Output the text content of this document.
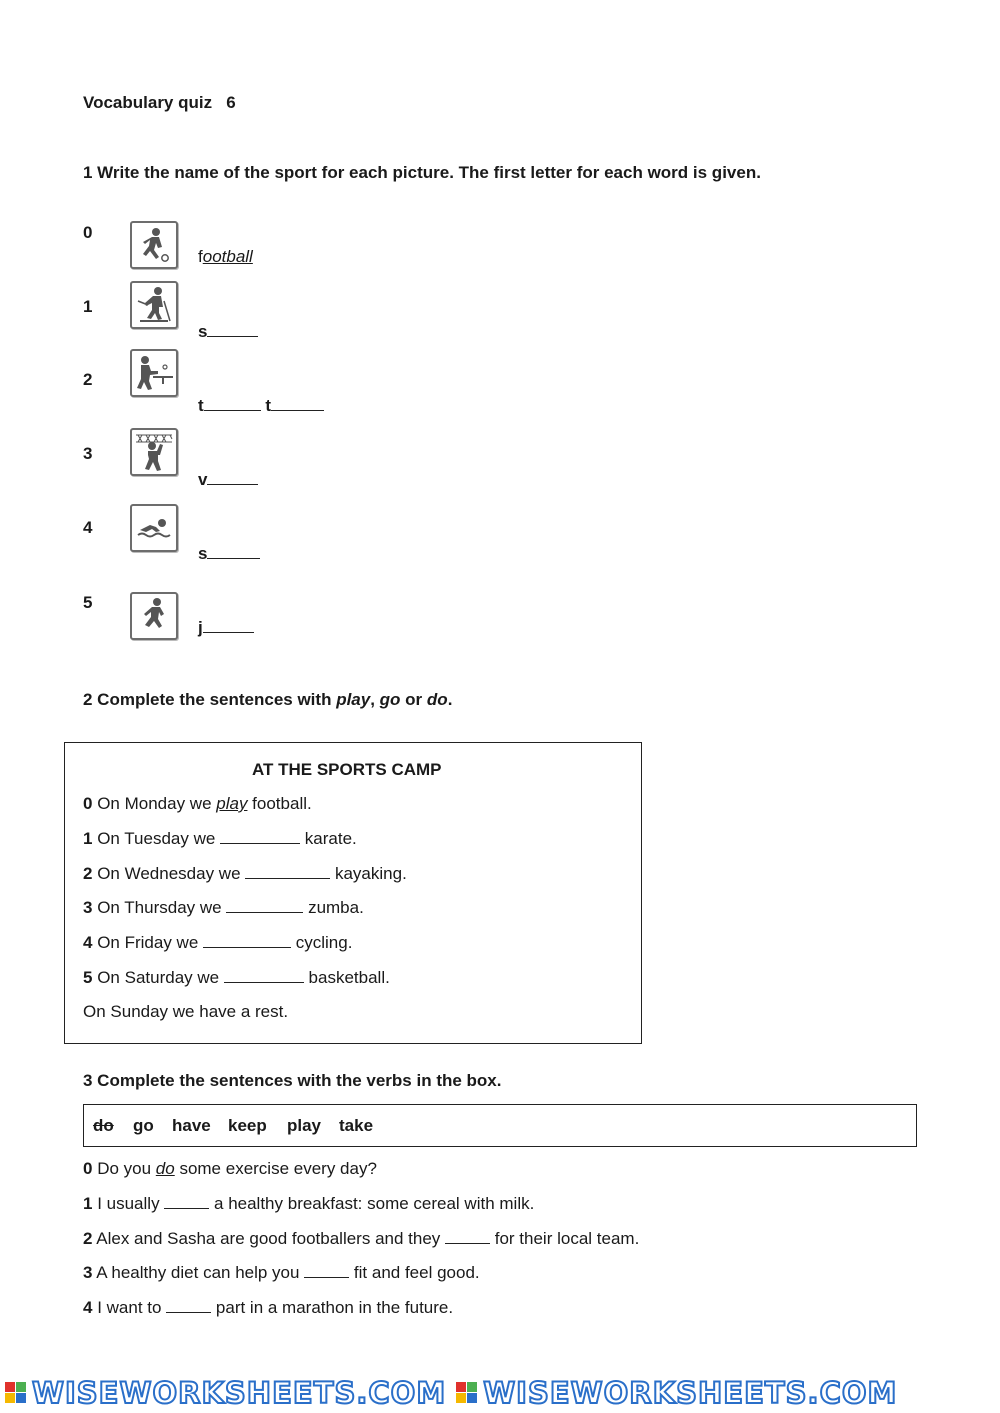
Vocabulary quiz   6
1 Write the name of the sport for each picture. The first letter for each word is given.
0
football
1
s
2
t	t
3
v
4
s
5
j
2 Complete the sentences with play, go or do.
AT THE SPORTS CAMP
0 On Monday we play football.
1 On Tuesday we	karate.
2 On Wednesday we	kayaking.
3 On Thursday we	zumba.
4 On Friday we	cycling.
5 On Saturday we	basketball.
On Sunday we have a rest.
3 Complete the sentences with the verbs in the box.
do go have keep play take
0 Do you do some exercise every day?
1 I usually	a healthy breakfast: some cereal with milk.
2 Alex and Sasha are good footballers and they	for their local team.
3 A healthy diet can help you	fit and feel good.
4 I want to	part in a marathon in the future.
WISEWORKSHEETS.COM WISEWORKSHEETS.COM
